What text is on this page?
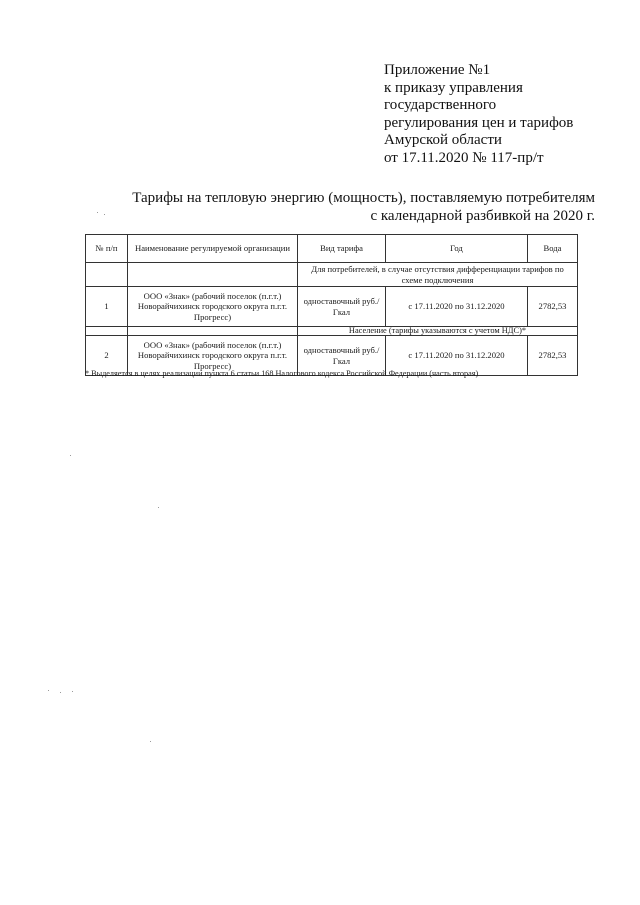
Приложение №1
к приказу управления
государственного
регулирования цен и тарифов
Амурской области
от 17.11.2020 № 117-пр/т
Тарифы на тепловую энергию (мощность), поставляемую потребителям
с календарной разбивкой на 2020 г.
№ п/п	Наименование регулируемой организации	Вид тарифа	Год	Вода
		Для потребителей, в случае отсутствия дифференциации тарифов по схеме подключения		
1	ООО «Знак» (рабочий поселок (п.г.т.) Новорайчихинск городского округа п.г.т. Прогресс)	одноставочный руб./Гкал	с 17.11.2020 по 31.12.2020	2782,53
		Население (тарифы указываются с учетом НДС)*		
2	ООО «Знак» (рабочий поселок (п.г.т.) Новорайчихинск городского округа п.г.т. Прогресс)	одноставочный руб./Гкал	с 17.11.2020 по 31.12.2020	2782,53
* Выделяется в целях реализации пункта 6 статьи 168 Налогового кодекса Российской Федерации (часть вторая)
